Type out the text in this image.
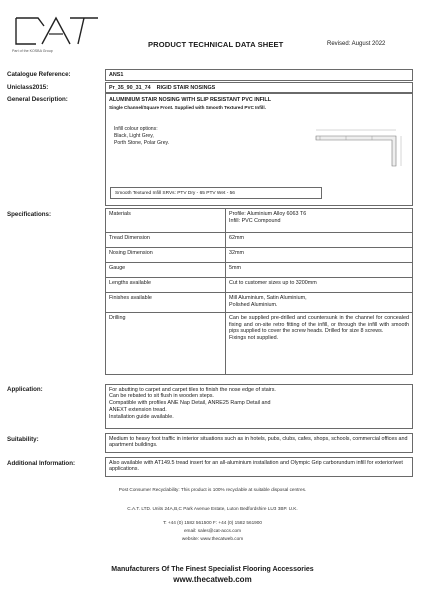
Part of the KOSBA Group
PRODUCT TECHNICAL DATA SHEET	Revised: August 2022
Catalogue Reference:	ANS1
Uniclass2015:	Pr_35_90_31_74    RIGID STAIR NOSINGS
General Description:	ALUMINIUM STAIR NOSING WITH SLIP RESISTANT PVC INFILL
Single Channel/Square Front. Supplied with Smooth Textured PVC Infill.
Infill colour options:
Black, Light Grey,
Porth Stone, Polar Grey.
Smooth Textured Infill SRVs: PTV Dry - 65 PTV Wet - 56
Specifications:	Materials	Profile: Aluminium Alloy 6063 T6
Infill: PVC Compound
Tread Dimension	62mm
Nosing Dimension	32mm
Gauge	5mm
Lengths available	Cut to customer sizes up to 3200mm
Finishes available	Mill Aluminium, Satin Aluminium,
Polished Aluminium.
Drilling	Can be supplied pre-drilled and countersunk in the channel for concealed fixing and on-site retro fitting of the infill, or through the infill with smooth pips supplied to cover the screw heads. Drilled for size 8 screws.
Fixings not supplied.
Application:	For abutting to carpet and carpet tiles to finish the nose edge of stairs.
Can be rebated to sit flush in wooden steps.
Compatible with profiles ANE Nap Detail, ANRE25 Ramp Detail and
ANEXT extension tread.
Installation guide available.
Suitability:	Medium to heavy foot traffic in interior situations such as in hotels, pubs, clubs, cafes, shops, schools, commercial offices and apartment buildings.
Additional Information:	Also available with AT149.5 tread insert for an all-aluminium installation and Olympic Grip carborundum infill for exterior/wet applications.
Post Consumer Recyclability: This product is 100% recyclable at suitable disposal centres.
C.A.T. LTD. Units 24A,B,C Park Avenue Estate, Luton Bedfordshire LU3 3BP. U.K.
T: +44 (0) 1582 561500 F: +44 (0) 1582 561900
email: sales@cat-accs.com
website: www.thecatweb.com
Manufacturers Of The Finest Specialist Flooring Accessories
www.thecatweb.com
